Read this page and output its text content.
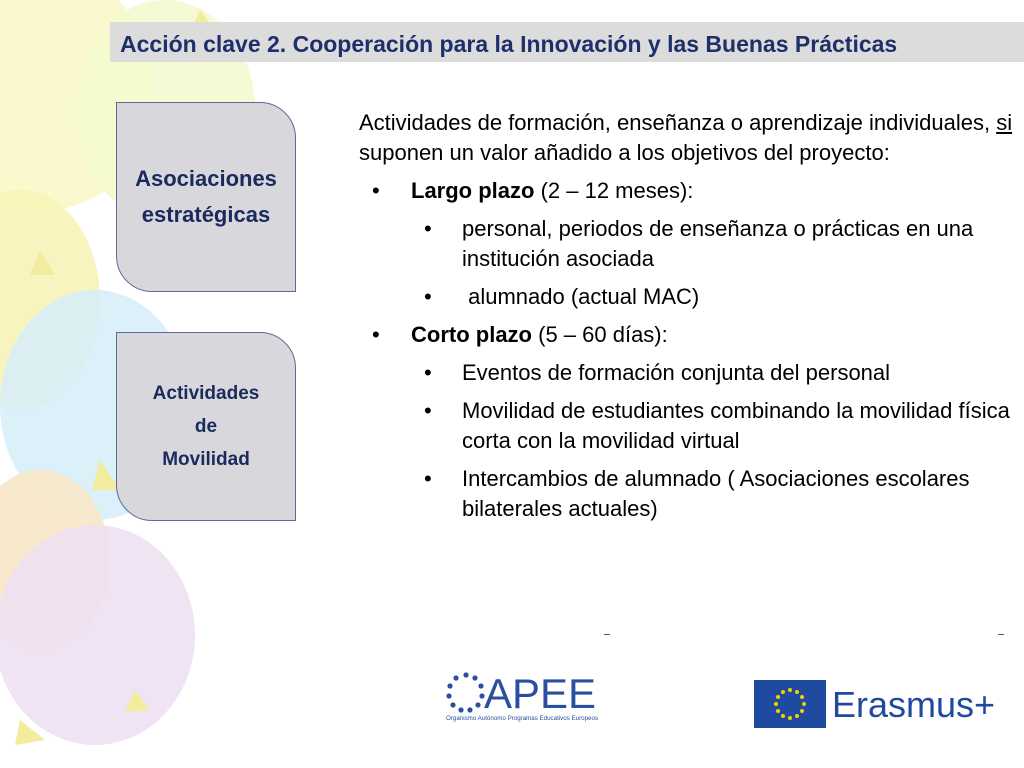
Acción clave 2. Cooperación para la Innovación y las Buenas Prácticas
Asociaciones
estratégicas
Actividades
de
Movilidad

Actividades de formación, enseñanza o aprendizaje individuales, si suponen un valor añadido a los objetivos del proyecto:

• Largo plazo (2 – 12 meses):
• personal, periodos de enseñanza o prácticas en una institución asociada
• alumnado (actual MAC)
• Corto plazo (5 – 60 días):
• Eventos de formación conjunta del personal
• Movilidad de estudiantes combinando la movilidad física corta con la movilidad virtual
• Intercambios de alumnado ( Asociaciones escolares bilaterales actuales)
APEE
Organismo Autónomo Programas Educativos Europeos	Erasmus+
